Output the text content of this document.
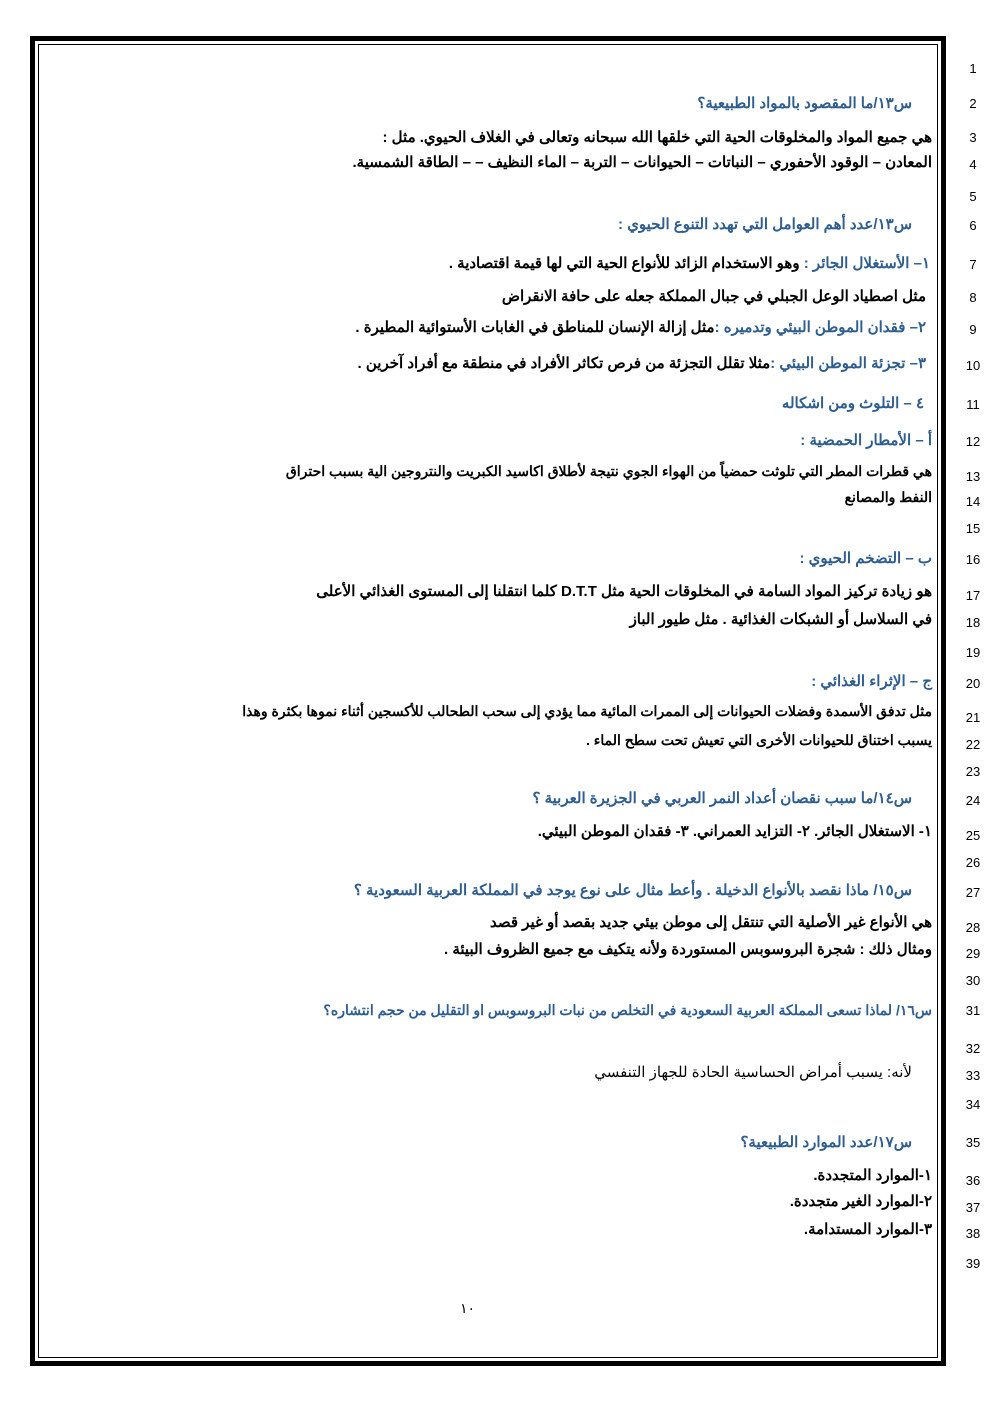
1
2
3
4
5
6
7
8
9
10
11
12
13
14
15
16
17
18
19
20
21
22
23
24
25
26
27
28
29
30
31
32
33
34
35
36
37
38
39
س١٣/ما المقصود بالمواد الطبيعية؟
هي جميع المواد والمخلوقات الحية التي خلقها الله سبحانه وتعالى في الغلاف الحيوي. مثل :
المعادن – الوقود الأحفوري – النباتات – الحيوانات – التربة – الماء النظيف – – الطاقة الشمسية.
س١٣/عدد أهم العوامل التي تهدد التنوع الحيوي :
١– الأستغلال الجائر : وهو الاستخدام الزائد للأنواع الحية التي لها قيمة اقتصادية .
مثل اصطياد الوعل الجبلي في جبال المملكة جعله على حافة الانقراض
٢– فقدان الموطن البيئي وتدميره :مثل إزالة الإنسان للمناطق في الغابات الأستوائية المطيرة .
٣– تجزئة الموطن البيئي :مثلا تقلل التجزئة من فرص تكاثر الأفراد في منطقة مع أفراد آخرين .
٤ – التلوث ومن اشكاله
أ – الأمطار الحمضية :
هي قطرات المطر التي تلوثت حمضياً من الهواء الجوي نتيجة لأطلاق اكاسيد الكبريت والنتروجين الية بسبب احتراق
النفط والمصانع
ب – التضخم الحيوي :
هو زيادة تركيز المواد السامة في المخلوقات الحية مثل D.T.T كلما انتقلنا إلى المستوى الغذائي الأعلى
في السلاسل أو الشبكات الغذائية . مثل طيور الباز
ج – الإثراء الغذائي :
مثل تدفق الأسمدة وفضلات الحيوانات إلى الممرات المائية مما يؤدي إلى سحب الطحالب للأكسجين أثناء نموها بكثرة وهذا
يسبب اختناق للحيوانات الأخرى التي تعيش تحت سطح الماء .
س١٤/ما سبب نقصان أعداد النمر العربي في الجزيرة العربية ؟
١- الاستغلال الجائر. ٢- التزايد العمراني. ٣- فقدان الموطن البيئي.
س١٥/ ماذا نقصد بالأنواع الدخيلة . وأعط مثال على نوع يوجد في المملكة العربية السعودية ؟
هي الأنواع غير الأصلية التي تنتقل إلى موطن بيئي جديد بقصد أو غير قصد
ومثال ذلك : شجرة البروسوبس المستوردة ولأنه يتكيف مع جميع الظروف البيئة .
س١٦/ لماذا تسعى المملكة العربية السعودية في التخلص من نبات البروسوبس او التقليل من حجم انتشاره؟
لأنه: يسبب أمراض الحساسية الحادة للجهاز التنفسي
س١٧/عدد الموارد الطبيعية؟
١-الموارد المتجددة.
٢-الموارد الغير متجددة.
٣-الموارد المستدامة.
١٠
